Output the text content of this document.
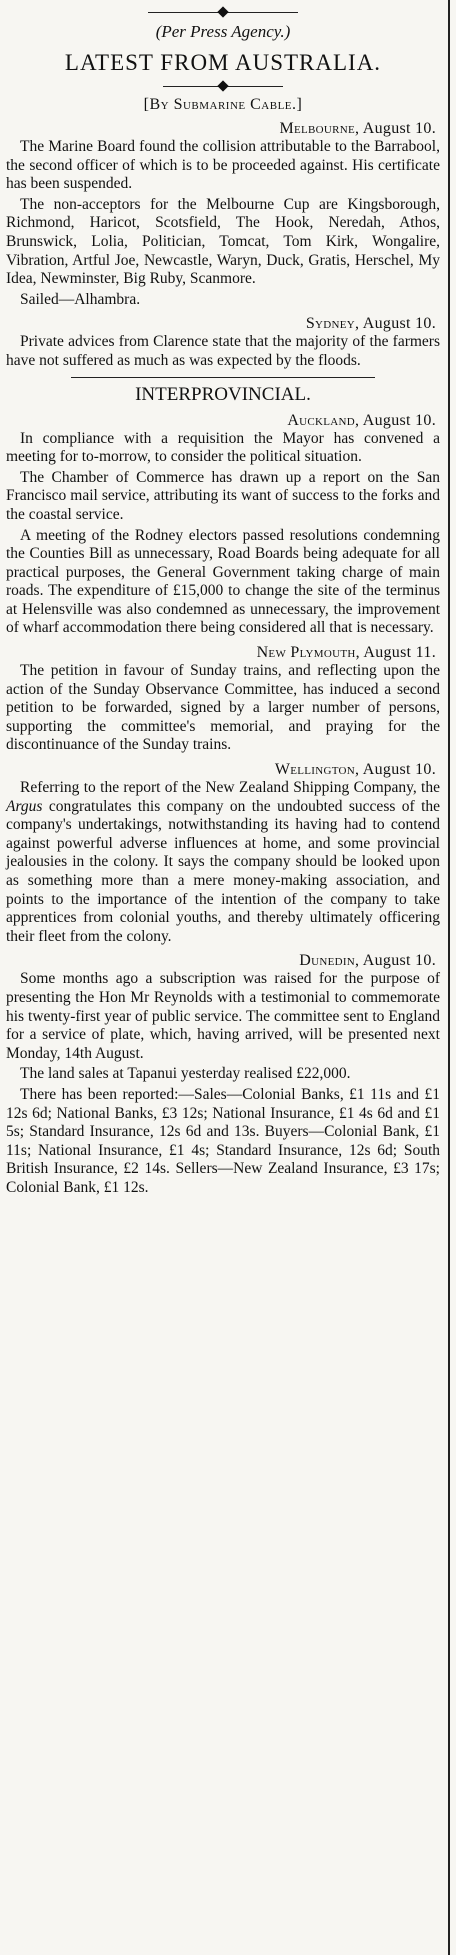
(Per Press Agency.)
LATEST FROM AUSTRALIA.
[By Submarine Cable.]
Melbourne, August 10.

The Marine Board found the collision attributable to the Barrabool, the second officer of which is to be proceeded against. His certificate has been suspended.

The non-acceptors for the Melbourne Cup are Kingsborough, Richmond, Haricot, Scotsfield, The Hook, Neredah, Athos, Brunswick, Lolia, Politician, Tomcat, Tom Kirk, Wongalire, Vibration, Artful Joe, Newcastle, Waryn, Duck, Gratis, Herschel, My Idea, Newminster, Big Ruby, Scanmore.

Sailed—Alhambra.

Sydney, August 10.

Private advices from Clarence state that the majority of the farmers have not suffered as much as was expected by the floods.

INTERPROVINCIAL.
Auckland, August 10.

In compliance with a requisition the Mayor has convened a meeting for to-morrow, to consider the political situation.

The Chamber of Commerce has drawn up a report on the San Francisco mail service, attributing its want of success to the forks and the coastal service.

A meeting of the Rodney electors passed resolutions condemning the Counties Bill as unnecessary, Road Boards being adequate for all practical purposes, the General Government taking charge of main roads. The expenditure of £15,000 to change the site of the terminus at Helensville was also condemned as unnecessary, the improvement of wharf accommodation there being considered all that is necessary.

New Plymouth, August 11.

The petition in favour of Sunday trains, and reflecting upon the action of the Sunday Observance Committee, has induced a second petition to be forwarded, signed by a larger number of persons, supporting the committee's memorial, and praying for the discontinuance of the Sunday trains.

Wellington, August 10.

Referring to the report of the New Zealand Shipping Company, the Argus congratulates this company on the undoubted success of the company's undertakings, notwithstanding its having had to contend against powerful adverse influences at home, and some provincial jealousies in the colony. It says the company should be looked upon as something more than a mere money-making association, and points to the importance of the intention of the company to take apprentices from colonial youths, and thereby ultimately officering their fleet from the colony.

Dunedin, August 10.

Some months ago a subscription was raised for the purpose of presenting the Hon Mr Reynolds with a testimonial to commemorate his twenty-first year of public service. The committee sent to England for a service of plate, which, having arrived, will be presented next Monday, 14th August.

The land sales at Tapanui yesterday realised £22,000.

There has been reported:—Sales—Colonial Banks, £1 11s and £1 12s 6d; National Banks, £3 12s; National Insurance, £1 4s 6d and £1 5s; Standard Insurance, 12s 6d and 13s. Buyers—Colonial Bank, £1 11s; National Insurance, £1 4s; Standard Insurance, 12s 6d; South British Insurance, £2 14s. Sellers—New Zealand Insurance, £3 17s; Colonial Bank, £1 12s.
